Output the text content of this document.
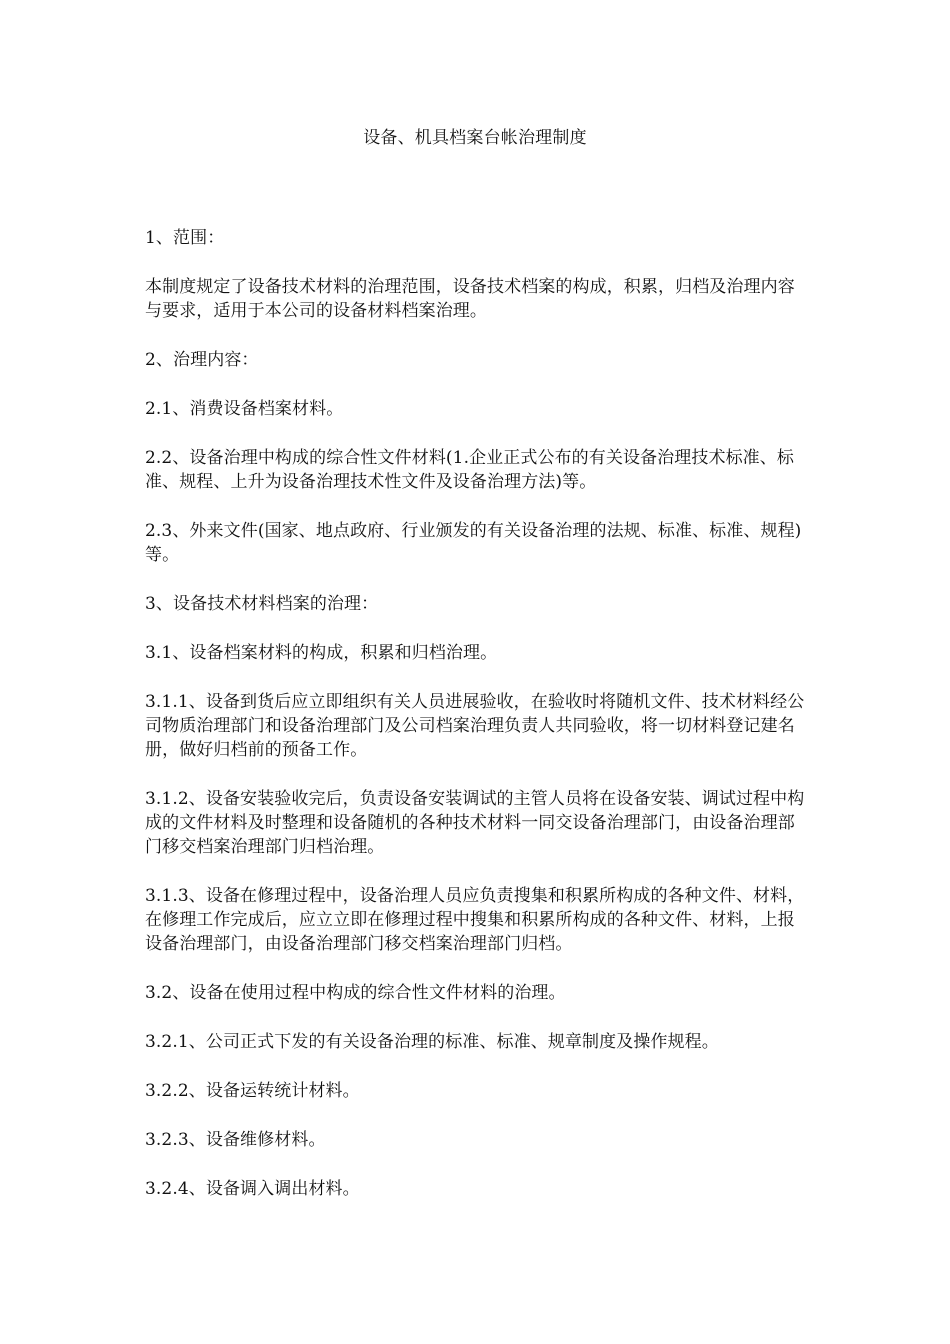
设备、机具档案台帐治理制度

1、范围：

本制度规定了设备技术材料的治理范围，设备技术档案的构成，积累，归档及治理内容与要求，适用于本公司的设备材料档案治理。

2、治理内容：

2.1、消费设备档案材料。

2.2、设备治理中构成的综合性文件材料(1.企业正式公布的有关设备治理技术标准、标准、规程、上升为设备治理技术性文件及设备治理方法)等。

2.3、外来文件(国家、地点政府、行业颁发的有关设备治理的法规、标准、标准、规程)等。

3、设备技术材料档案的治理：

3.1、设备档案材料的构成，积累和归档治理。

3.1.1、设备到货后应立即组织有关人员进展验收，在验收时将随机文件、技术材料经公司物质治理部门和设备治理部门及公司档案治理负责人共同验收，将一切材料登记建名册，做好归档前的预备工作。

3.1.2、设备安装验收完后，负责设备安装调试的主管人员将在设备安装、调试过程中构成的文件材料及时整理和设备随机的各种技术材料一同交设备治理部门，由设备治理部门移交档案治理部门归档治理。

3.1.3、设备在修理过程中，设备治理人员应负责搜集和积累所构成的各种文件、材料，在修理工作完成后，应立立即在修理过程中搜集和积累所构成的各种文件、材料，上报设备治理部门，由设备治理部门移交档案治理部门归档。

3.2、设备在使用过程中构成的综合性文件材料的治理。

3.2.1、公司正式下发的有关设备治理的标准、标准、规章制度及操作规程。

3.2.2、设备运转统计材料。

3.2.3、设备维修材料。

3.2.4、设备调入调出材料。
